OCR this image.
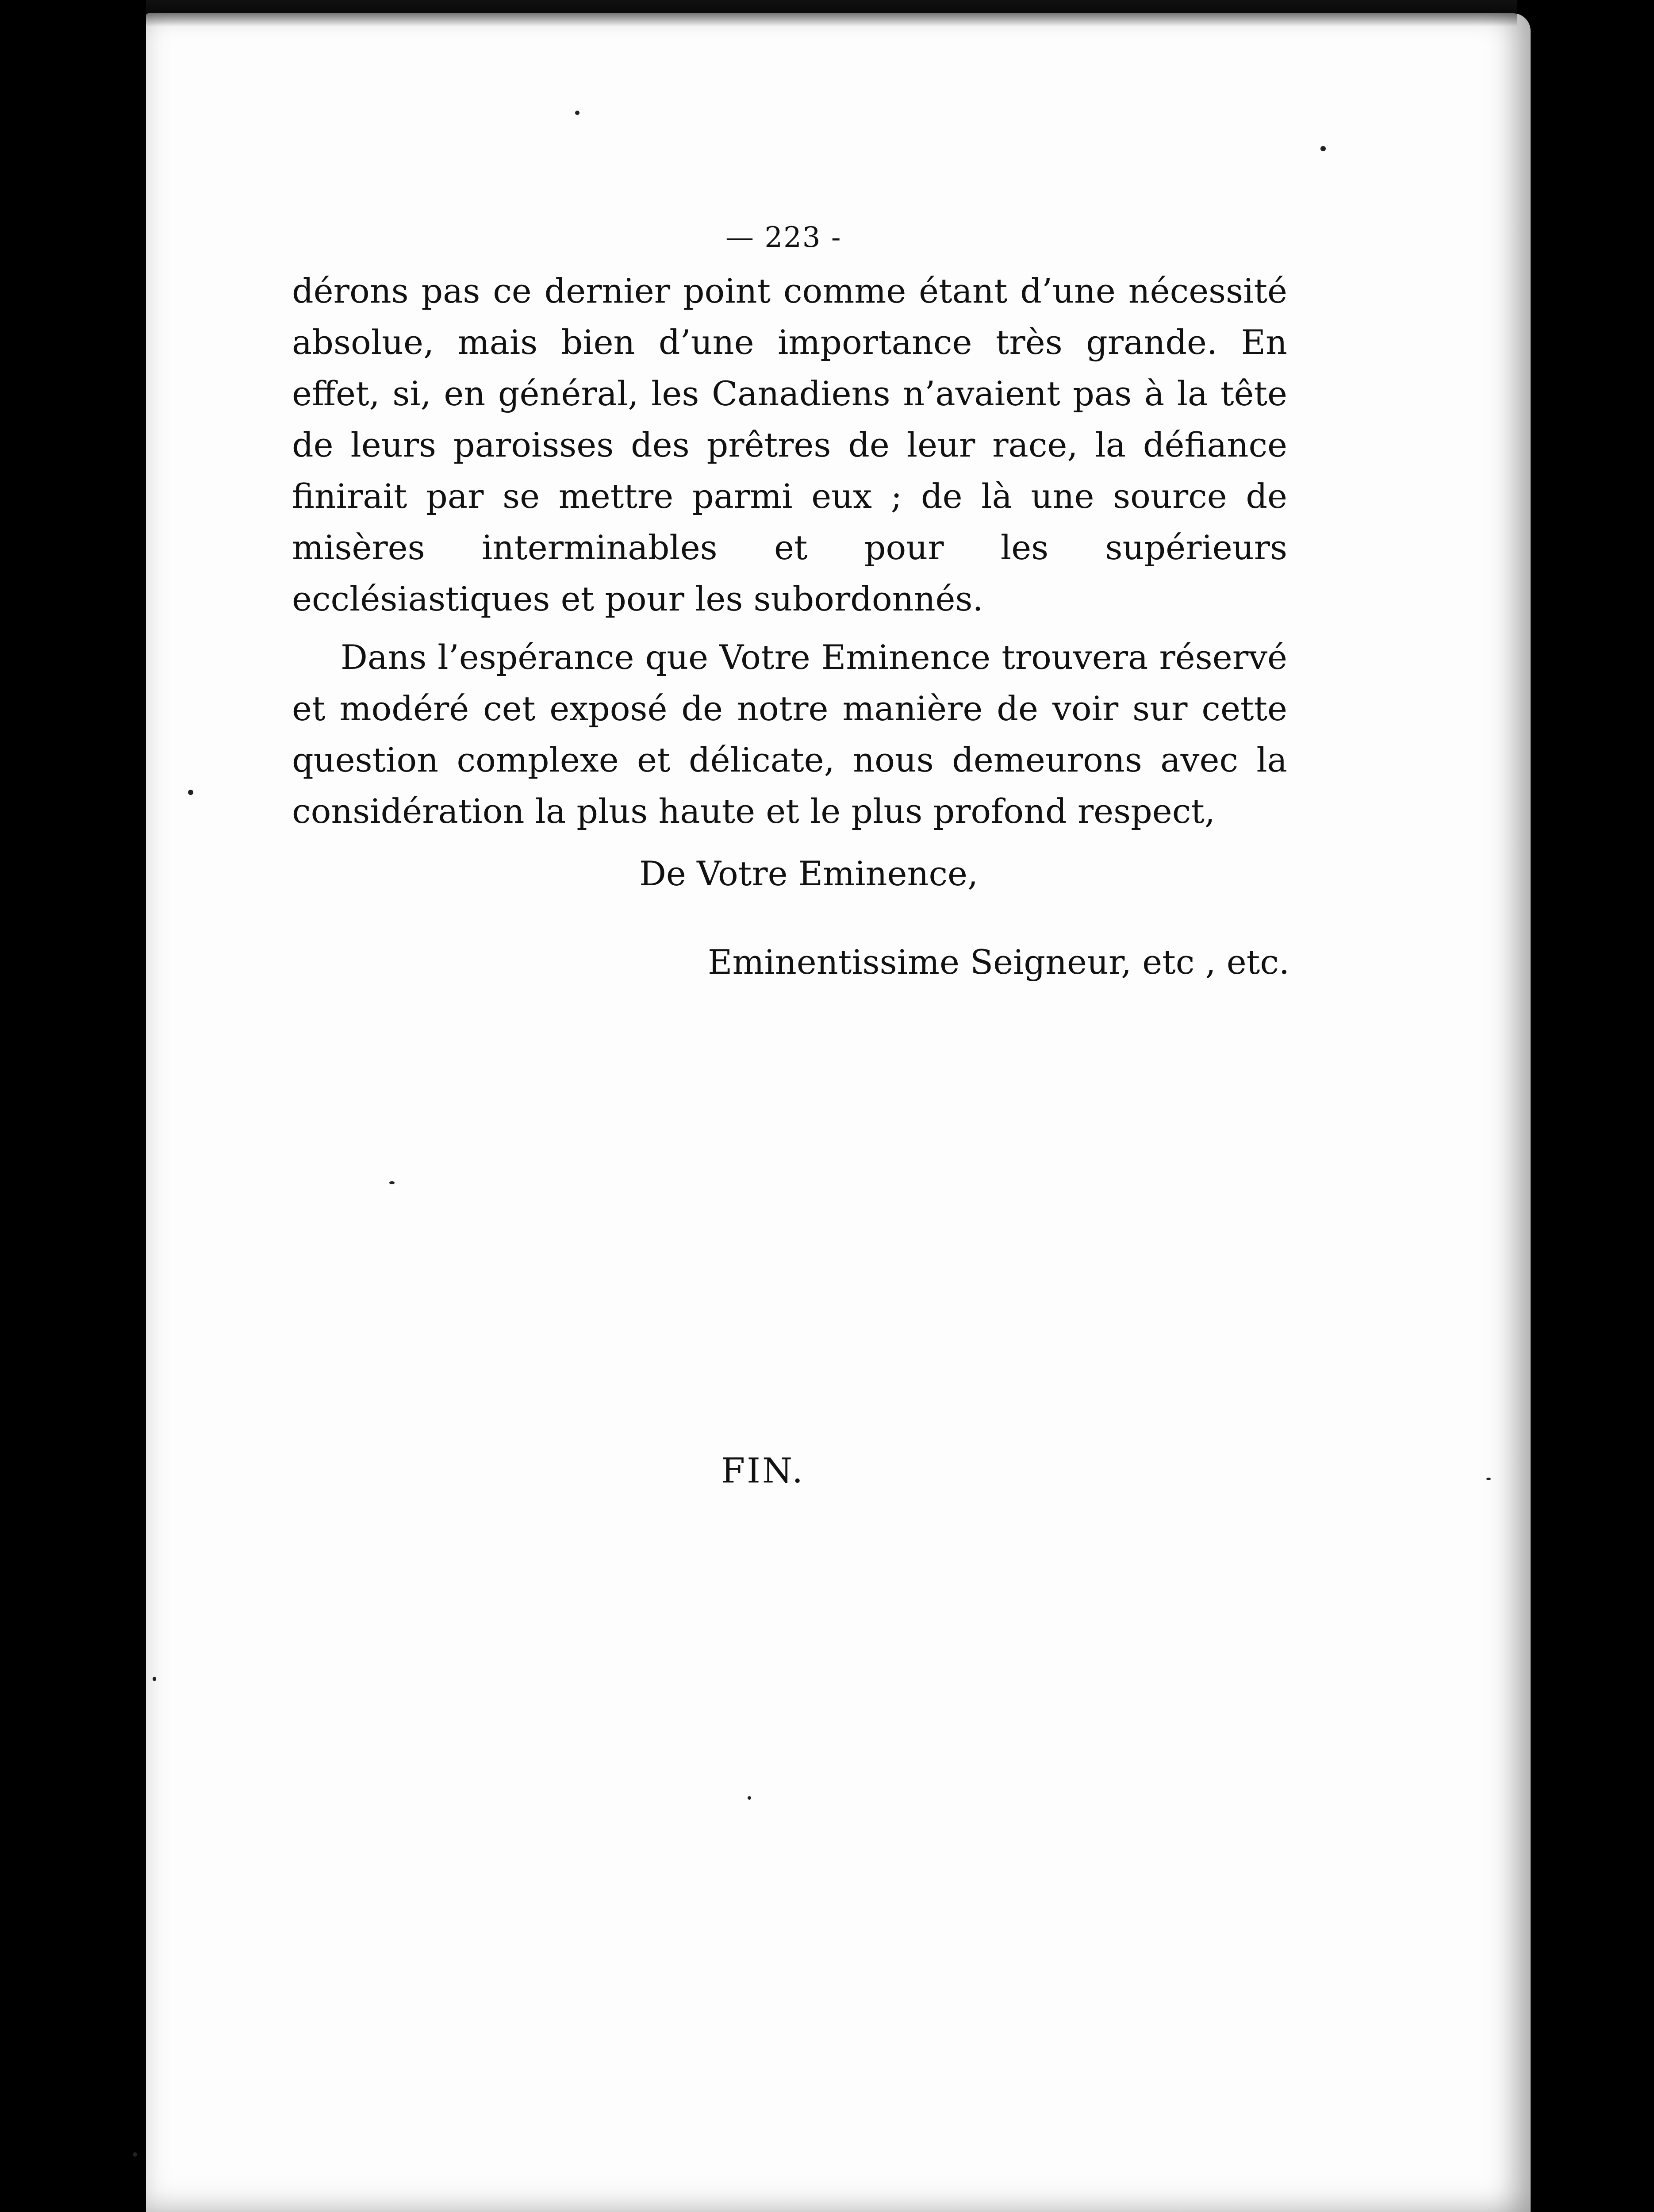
— 223 -

dérons pas ce dernier point comme étant d’une nécessité absolue, mais bien d’une importance très grande. En effet, si, en général, les Canadiens n’avaient pas à la tête de leurs paroisses des prêtres de leur race, la défiance finirait par se mettre parmi eux ; de là une source de misères interminables et pour les supérieurs ecclésiastiques et pour les subordonnés.

Dans l’espérance que Votre Eminence trouvera réservé et modéré cet exposé de notre manière de voir sur cette question complexe et délicate, nous demeurons avec la considération la plus haute et le plus profond respect,

De Votre Eminence,
Eminentissime Seigneur, etc , etc.
FIN.
